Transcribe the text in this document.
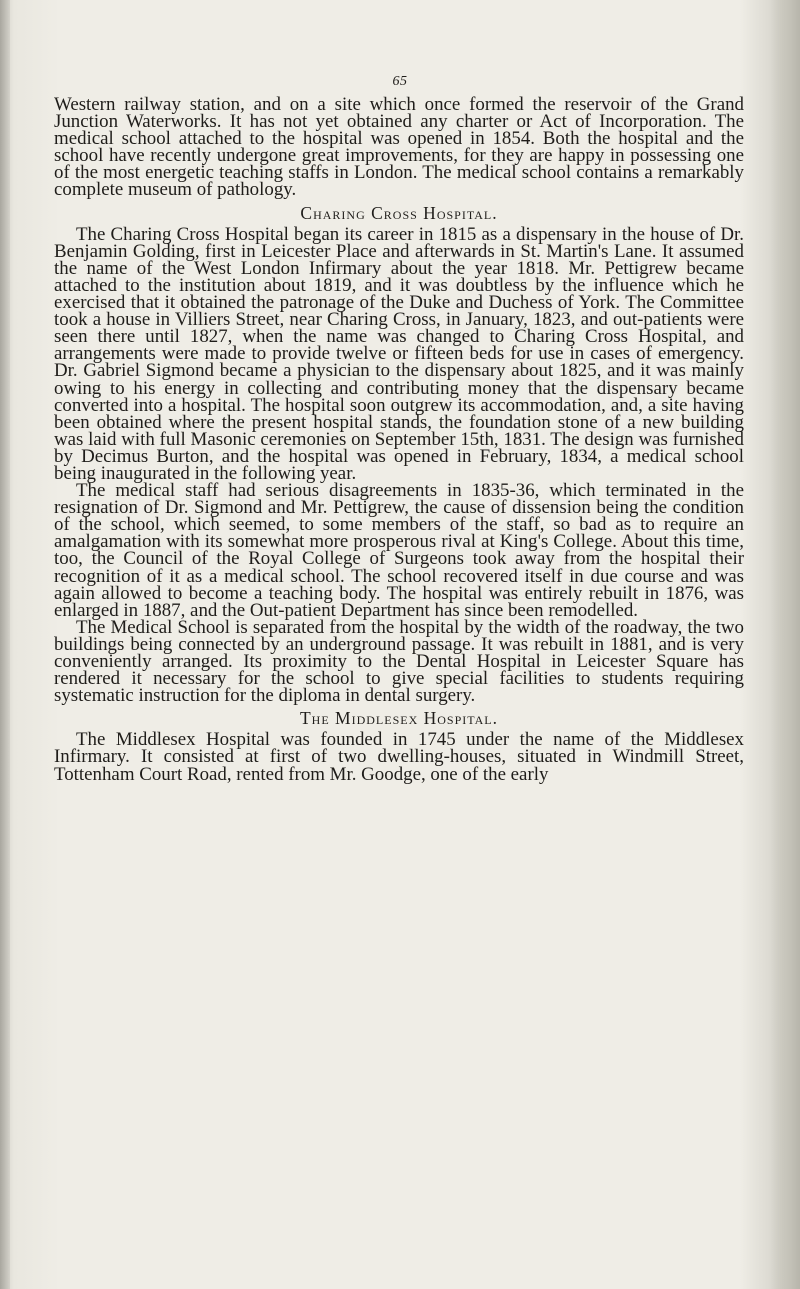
65

Western railway station, and on a site which once formed the reservoir of the Grand Junction Waterworks. It has not yet obtained any charter or Act of Incorporation. The medical school attached to the hospital was opened in 1854. Both the hospital and the school have recently undergone great improvements, for they are happy in possessing one of the most energetic teaching staffs in London. The medical school contains a remarkably complete museum of pathology.

Charing Cross Hospital.

The Charing Cross Hospital began its career in 1815 as a dispensary in the house of Dr. Benjamin Golding, first in Leicester Place and afterwards in St. Martin's Lane. It assumed the name of the West London Infirmary about the year 1818. Mr. Pettigrew became attached to the institution about 1819, and it was doubtless by the influence which he exercised that it obtained the patronage of the Duke and Duchess of York. The Committee took a house in Villiers Street, near Charing Cross, in January, 1823, and out-patients were seen there until 1827, when the name was changed to Charing Cross Hospital, and arrangements were made to provide twelve or fifteen beds for use in cases of emergency. Dr. Gabriel Sigmond became a physician to the dispensary about 1825, and it was mainly owing to his energy in collecting and contributing money that the dispensary became converted into a hospital. The hospital soon outgrew its accommodation, and, a site having been obtained where the present hospital stands, the foundation stone of a new building was laid with full Masonic ceremonies on September 15th, 1831. The design was furnished by Decimus Burton, and the hospital was opened in February, 1834, a medical school being inaugurated in the following year.

The medical staff had serious disagreements in 1835-36, which terminated in the resignation of Dr. Sigmond and Mr. Pettigrew, the cause of dissension being the condition of the school, which seemed, to some members of the staff, so bad as to require an amalgamation with its somewhat more prosperous rival at King's College. About this time, too, the Council of the Royal College of Surgeons took away from the hospital their recognition of it as a medical school. The school recovered itself in due course and was again allowed to become a teaching body. The hospital was entirely rebuilt in 1876, was enlarged in 1887, and the Out-patient Department has since been remodelled.

The Medical School is separated from the hospital by the width of the roadway, the two buildings being connected by an underground passage. It was rebuilt in 1881, and is very conveniently arranged. Its proximity to the Dental Hospital in Leicester Square has rendered it necessary for the school to give special facilities to students requiring systematic instruction for the diploma in dental surgery.

The Middlesex Hospital.

The Middlesex Hospital was founded in 1745 under the name of the Middlesex Infirmary. It consisted at first of two dwelling-houses, situated in Windmill Street, Tottenham Court Road, rented from Mr. Goodge, one of the early
